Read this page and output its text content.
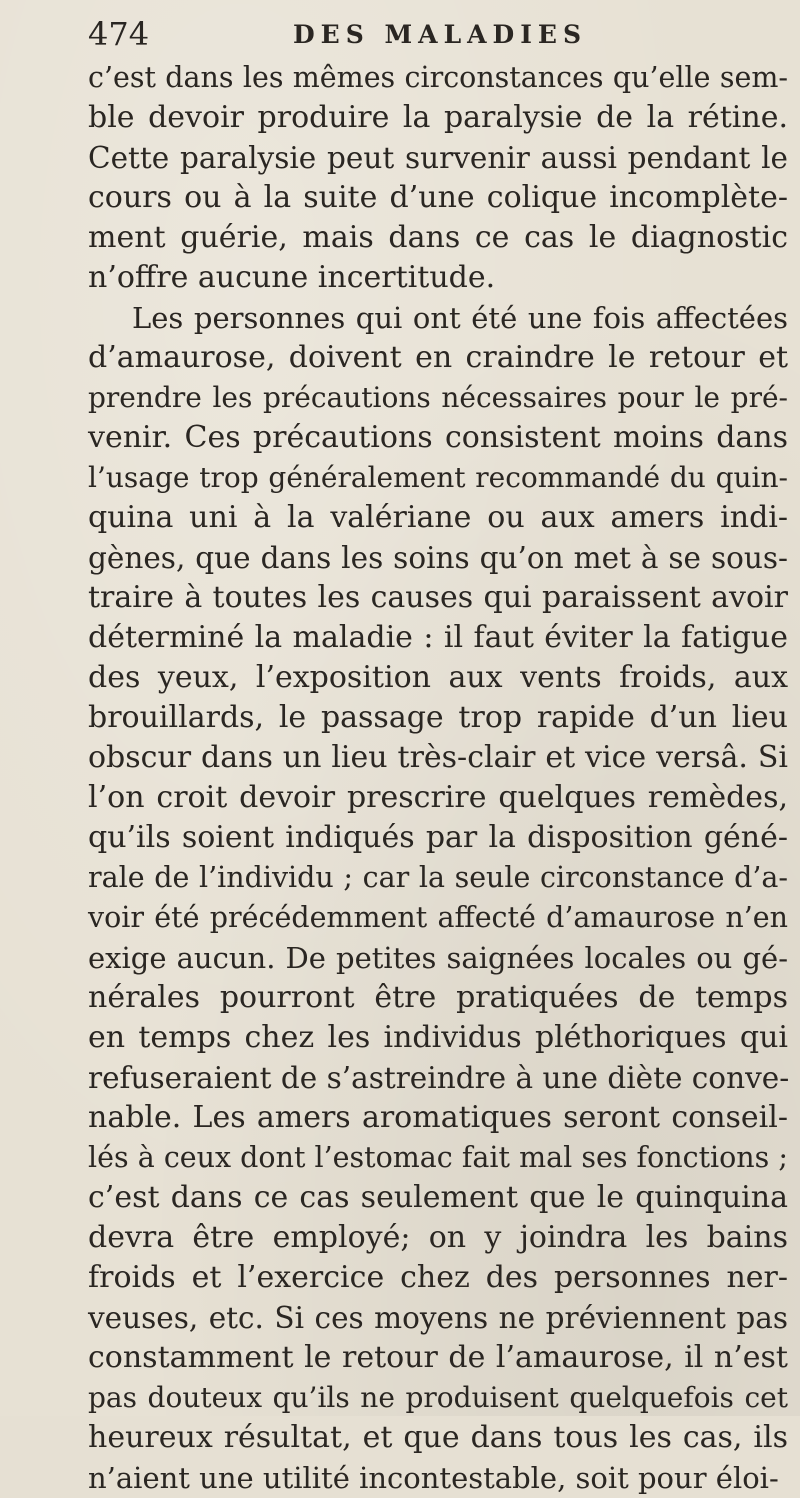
474	DES MALADIES
c’est dans les mêmes circonstances qu’elle sem-
ble devoir produire la paralysie de la rétine.
Cette paralysie peut survenir aussi pendant le
cours ou à la suite d’une colique incomplète-
ment guérie, mais dans ce cas le diagnostic
n’offre aucune incertitude.
Les personnes qui ont été une fois affectées
d’amaurose, doivent en craindre le retour et
prendre les précautions nécessaires pour le pré-
venir. Ces précautions consistent moins dans
l’usage trop généralement recommandé du quin-
quina uni à la valériane ou aux amers indi-
gènes, que dans les soins qu’on met à se sous-
traire à toutes les causes qui paraissent avoir
déterminé la maladie : il faut éviter la fatigue
des yeux, l’exposition aux vents froids, aux
brouillards, le passage trop rapide d’un lieu
obscur dans un lieu très-clair et vice versâ. Si
l’on croit devoir prescrire quelques remèdes,
qu’ils soient indiqués par la disposition géné-
rale de l’individu ; car la seule circonstance d’a-
voir été précédemment affecté d’amaurose n’en
exige aucun. De petites saignées locales ou gé-
nérales pourront être pratiquées de temps
en temps chez les individus pléthoriques qui
refuseraient de s’astreindre à une diète conve-
nable. Les amers aromatiques seront conseil-
lés à ceux dont l’estomac fait mal ses fonctions ;
c’est dans ce cas seulement que le quinquina
devra être employé; on y joindra les bains
froids et l’exercice chez des personnes ner-
veuses, etc. Si ces moyens ne préviennent pas
constamment le retour de l’amaurose, il n’est
pas douteux qu’ils ne produisent quelquefois cet
heureux résultat, et que dans tous les cas, ils
n’aient une utilité incontestable, soit pour éloi-
